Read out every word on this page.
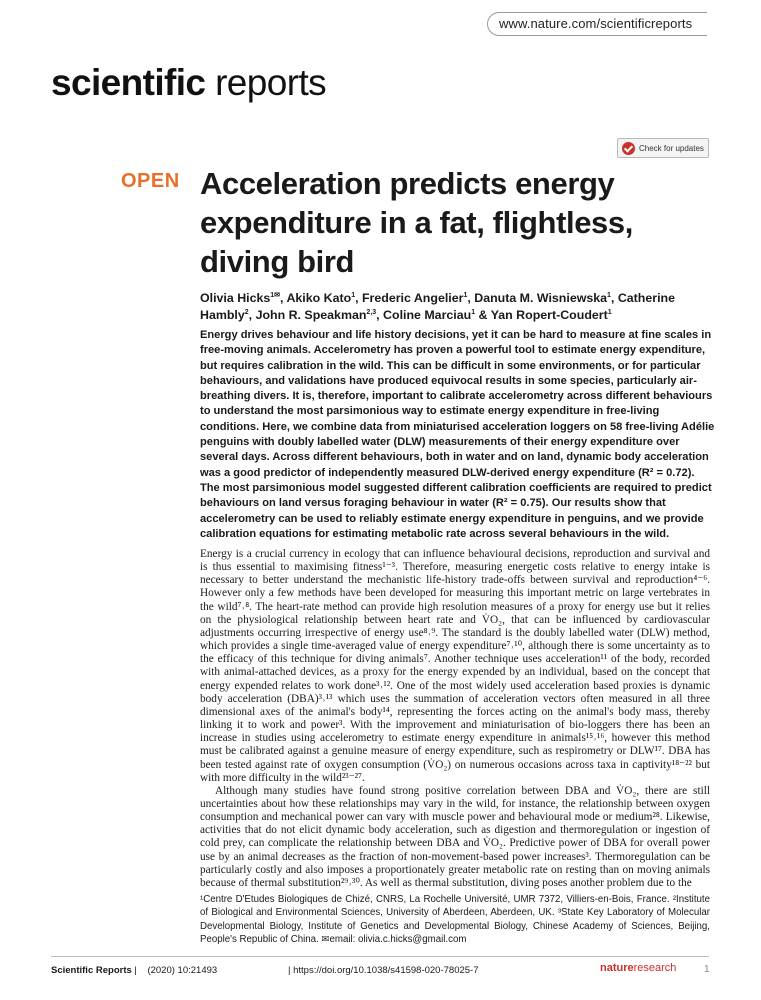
www.nature.com/scientificreports
scientific reports
Check for updates
OPEN Acceleration predicts energy expenditure in a fat, flightless, diving bird
Olivia Hicks$^{1✉}$, Akiko Kato$^1$, Frederic Angelier$^1$, Danuta M. Wisniewska$^1$, Catherine Hambly$^2$, John R. Speakman$^{2,3}$, Coline Marciau$^1$ & Yan Ropert-Coudert$^1$
Energy drives behaviour and life history decisions, yet it can be hard to measure at fine scales in free-moving animals. Accelerometry has proven a powerful tool to estimate energy expenditure, but requires calibration in the wild. This can be difficult in some environments, or for particular behaviours, and validations have produced equivocal results in some species, particularly air-breathing divers. It is, therefore, important to calibrate accelerometry across different behaviours to understand the most parsimonious way to estimate energy expenditure in free-living conditions. Here, we combine data from miniaturised acceleration loggers on 58 free-living Adélie penguins with doubly labelled water (DLW) measurements of their energy expenditure over several days. Across different behaviours, both in water and on land, dynamic body acceleration was a good predictor of independently measured DLW-derived energy expenditure (R² = 0.72). The most parsimonious model suggested different calibration coefficients are required to predict behaviours on land versus foraging behaviour in water (R² = 0.75). Our results show that accelerometry can be used to reliably estimate energy expenditure in penguins, and we provide calibration equations for estimating metabolic rate across several behaviours in the wild.

Energy is a crucial currency in ecology that can influence behavioural decisions, reproduction and survival and is thus essential to maximising fitness¹⁻³. Therefore, measuring energetic costs relative to energy intake is necessary to better understand the mechanistic life-history trade-offs between survival and reproduction⁴⁻⁶. However only a few methods have been developed for measuring this important metric on large vertebrates in the wild⁷˒⁸. The heart-rate method can provide high resolution measures of a proxy for energy use but it relies on the physiological relationship between heart rate and V̇O₂, that can be influenced by cardiovascular adjustments occurring irrespective of energy use⁸˒⁹. The standard is the doubly labelled water (DLW) method, which provides a single time-averaged value of energy expenditure⁷˒¹⁰, although there is some uncertainty as to the efficacy of this technique for diving animals⁷. Another technique uses acceleration¹¹ of the body, recorded with animal-attached devices, as a proxy for the energy expended by an individual, based on the concept that energy expended relates to work done³˒¹². One of the most widely used acceleration based proxies is dynamic body acceleration (DBA)³˒¹³ which uses the summation of acceleration vectors often measured in all three dimensional axes of the animal's body¹⁴, representing the forces acting on the animal's body mass, thereby linking it to work and power³. With the improvement and miniaturisation of bio-loggers there has been an increase in studies using accelerometry to estimate energy expenditure in animals¹⁵˒¹⁶, however this method must be calibrated against a genuine measure of energy expenditure, such as respirometry or DLW¹⁷. DBA has been tested against rate of oxygen consumption (V̇O₂) on numerous occasions across taxa in captivity¹⁸⁻²² but with more difficulty in the wild²³⁻²⁷.

Although many studies have found strong positive correlation between DBA and V̇O₂, there are still uncertainties about how these relationships may vary in the wild, for instance, the relationship between oxygen consumption and mechanical power can vary with muscle power and behavioural mode or medium²⁸. Likewise, activities that do not elicit dynamic body acceleration, such as digestion and thermoregulation or ingestion of cold prey, can complicate the relationship between DBA and V̇O₂. Predictive power of DBA for overall power use by an animal decreases as the fraction of non-movement-based power increases³. Thermoregulation can be particularly costly and also imposes a proportionately greater metabolic rate on resting than on moving animals because of thermal substitution²⁹˒³⁰. As well as thermal substitution, diving poses another problem due to the

¹Centre D'Etudes Biologiques de Chizé, CNRS, La Rochelle Université, UMR 7372, Villiers-en-Bois, France. ²Institute of Biological and Environmental Sciences, University of Aberdeen, Aberdeen, UK. ³State Key Laboratory of Molecular Developmental Biology, Institute of Genetics and Developmental Biology, Chinese Academy of Sciences, Beijing, People's Republic of China. ✉email: olivia.c.hicks@gmail.com
Scientific Reports |    (2020) 10:21493	| https://doi.org/10.1038/s41598-020-78025-7	natureresearch	1
